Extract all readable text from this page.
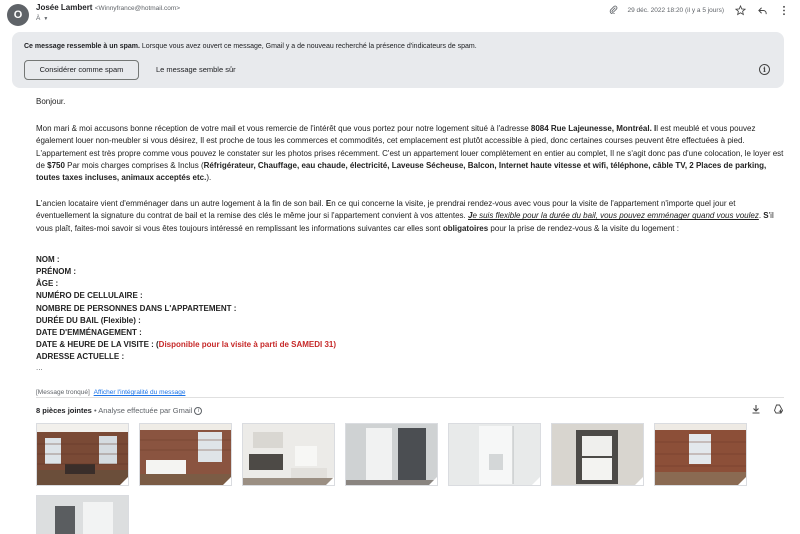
O
Josée Lambert <Winnyfrance@hotmail.com>
À ▼
29 déc. 2022 18:20 (il y a 5 jours)
Ce message ressemble à un spam. Lorsque vous avez ouvert ce message, Gmail y a de nouveau recherché la présence d'indicateurs de spam.
Considérer comme spam	Le message semble sûr	i

Bonjour.

Mon mari & moi accusons bonne réception de votre mail et vous remercie de l'intérêt que vous portez pour notre logement situé à l'adresse 8084 Rue Lajeunesse, Montréal. Il est meublé et vous pouvez également louer non-meubler si vous désirez, Il est proche de tous les commerces et commodités, cet emplacement est plutôt accessible à pied, donc certaines courses peuvent être effectuées à pied. L'appartement est très propre comme vous pouvez le constater sur les photos prises récemment. C'est un appartement louer complètement en entier au complet, Il ne s'agit donc pas d'une colocation, le loyer est de $750 Par mois charges comprises & Inclus (Réfrigérateur, Chauffage, eau chaude, électricité, Laveuse Sécheuse, Balcon, Internet haute vitesse et wifi, téléphone, câble TV, 2 Places de parking, toutes taxes incluses, animaux acceptés etc.).

L'ancien locataire vient d'emménager dans un autre logement à la fin de son bail. En ce qui concerne la visite, je prendrai rendez-vous avec vous pour la visite de l'appartement n'importe quel jour et éventuellement la signature du contrat de bail et la remise des clés le même jour si l'appartement convient à vos attentes. Je suis flexible pour la durée du bail, vous pouvez emménager quand vous voulez. S'il vous plaît, faites-moi savoir si vous êtes toujours intéressé en remplissant les informations suivantes car elles sont obligatoires pour la prise de rendez-vous & la visite du logement :

NOM :
PRÉNOM :
ÂGE :
NUMÉRO DE CELLULAIRE :
NOMBRE DE PERSONNES DANS L'APPARTEMENT :
DURÉE DU BAIL (Flexible) :
DATE D'EMMÉNAGEMENT :
DATE & HEURE DE LA VISITE : (Disponible pour la visite à parti de SAMEDI 31)
ADRESSE ACTUELLE :
...
[Message tronqué] Afficher l'intégralité du message
8 pièces jointes • Analyse effectuée par Gmail i
